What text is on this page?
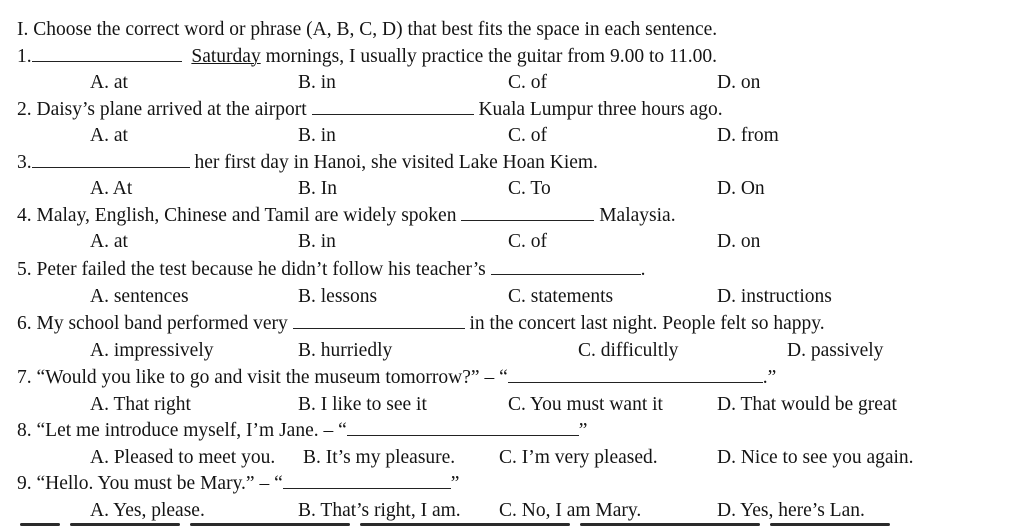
I. Choose the correct word or phrase (A, B, C, D) that best fits the space in each sentence.
1.	Saturday mornings, I usually practice the guitar from 9.00 to 11.00.
A. at	B. in	C. of	D. on
2. Daisy’s plane arrived at the airport	Kuala Lumpur three hours ago.
A. at	B. in	C. of	D. from
3.	her first day in Hanoi, she visited Lake Hoan Kiem.
A. At	B. In	C. To	D. On
4. Malay, English, Chinese and Tamil are widely spoken	Malaysia.
A. at	B. in	C. of	D. on
5. Peter failed the test because he didn’t follow his teacher’s	.
A. sentences	B. lessons	C. statements	D. instructions
6. My school band performed very	in the concert last night. People felt so happy.
A. impressively	B. hurriedly	C. difficultly	D. passively
7. “Would you like to go and visit the museum tomorrow?” – “	.”
A. That right	B. I like to see it	C. You must want it	D. That would be great
8. “Let me introduce myself, I’m Jane. – “	”
A. Pleased to meet you. B. It’s my pleasure. C. I’m very pleased.	D. Nice to see you again.
9. “Hello. You must be Mary.” – “	”
A. Yes, please.	B. That’s right, I am. C. No, I am Mary.	D. Yes, here’s Lan.
